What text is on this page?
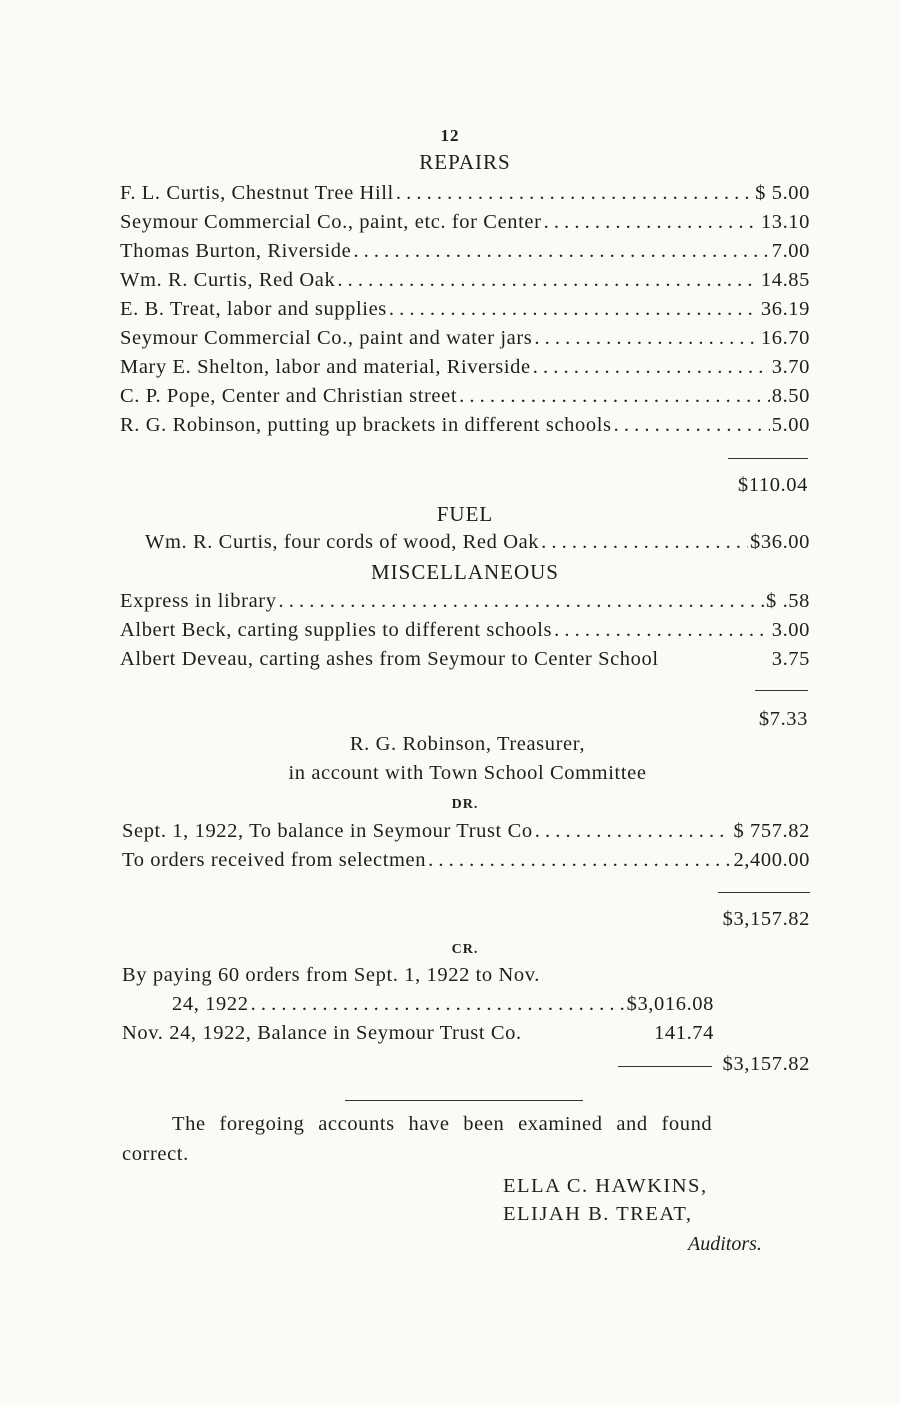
12
REPAIRS
F. L. Curtis, Chestnut Tree Hill . . .	$ 5.00
Seymour Commercial Co., paint, etc. for Center . . .	13.10
Thomas Burton, Riverside . . .	7.00
Wm. R. Curtis, Red Oak . . .	14.85
E. B. Treat, labor and supplies . . .	36.19
Seymour Commercial Co., paint and water jars . . .	16.70
Mary E. Shelton, labor and material, Riverside . . .	3.70
C. P. Pope, Center and Christian street . . .	8.50
R. G. Robinson, putting up brackets in different schools . . .	5.00
$110.04
FUEL
Wm. R. Curtis, four cords of wood, Red Oak . . .	$36.00
MISCELLANEOUS
Express in library . . .	$ .58
Albert Beck, carting supplies to different schools . . .	3.00
Albert Deveau, carting ashes from Seymour to Center School	3.75
$7.33
R. G. Robinson, Treasurer,
in account with Town School Committee
DR.
Sept. 1, 1922, To balance in Seymour Trust Co . . .	$ 757.82
To orders received from selectmen . . .	2,400.00
$3,157.82
CR.
By paying 60 orders from Sept. 1, 1922 to Nov.
24, 1922 . . .	$3,016.08
Nov. 24, 1922, Balance in Seymour Trust Co.	141.74
$3,157.82
The foregoing accounts have been examined and found
correct.
ELLA C. HAWKINS,
ELIJAH B. TREAT,
Auditors.
